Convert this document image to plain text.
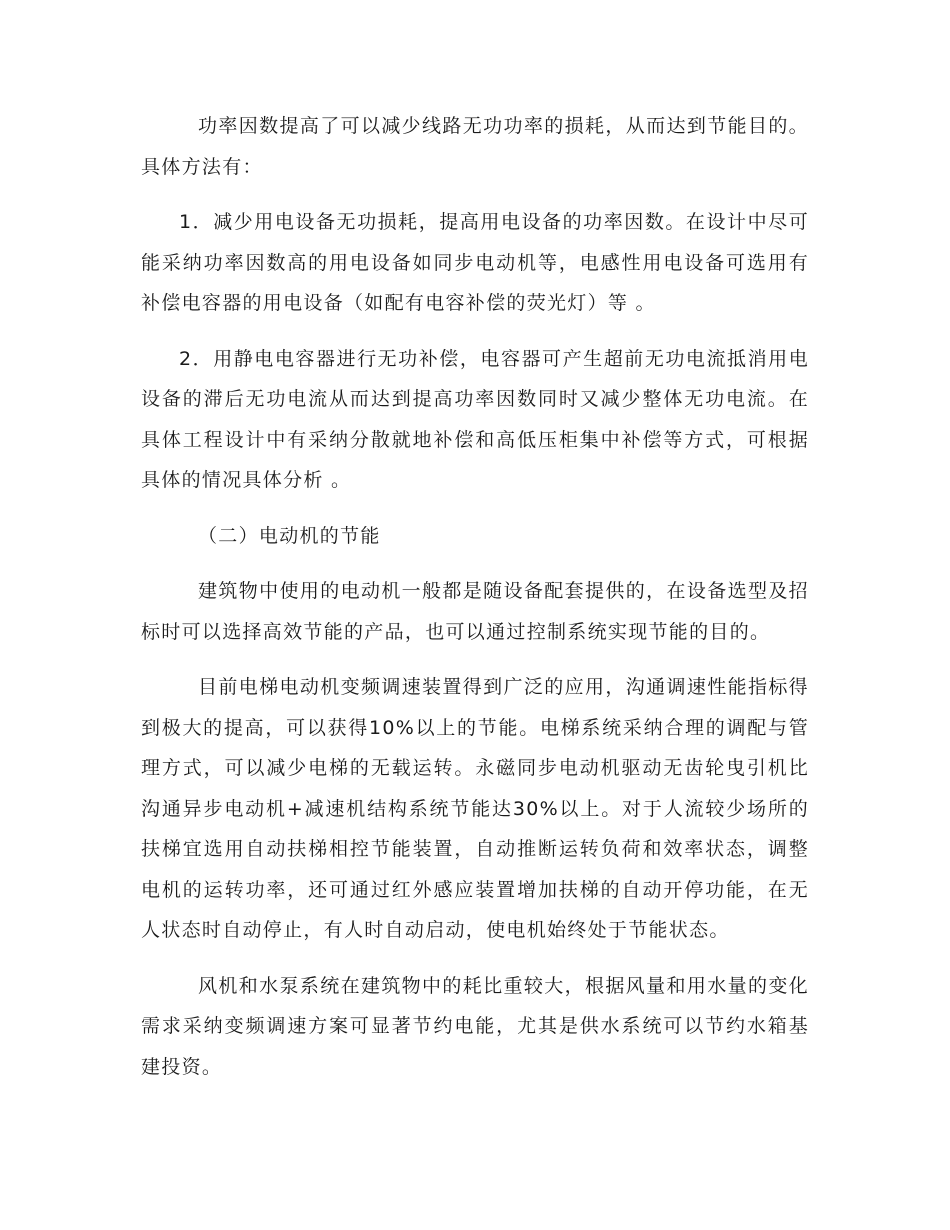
功率因数提高了可以减少线路无功功率的损耗，从而达到节能目的。具体方法有：

1．减少用电设备无功损耗，提高用电设备的功率因数。在设计中尽可能采纳功率因数高的用电设备如同步电动机等，电感性用电设备可选用有补偿电容器的用电设备（如配有电容补偿的荧光灯）等 。

2．用静电电容器进行无功补偿，电容器可产生超前无功电流抵消用电设备的滞后无功电流从而达到提高功率因数同时又减少整体无功电流。在具体工程设计中有采纳分散就地补偿和高低压柜集中补偿等方式，可根据具体的情况具体分析 。

（二）电动机的节能

建筑物中使用的电动机一般都是随设备配套提供的，在设备选型及招标时可以选择高效节能的产品，也可以通过控制系统实现节能的目的。

目前电梯电动机变频调速装置得到广泛的应用，沟通调速性能指标得到极大的提高，可以获得10%以上的节能。电梯系统采纳合理的调配与管理方式，可以减少电梯的无载运转。永磁同步电动机驱动无齿轮曳引机比沟通异步电动机+减速机结构系统节能达30%以上。对于人流较少场所的扶梯宜选用自动扶梯相控节能装置，自动推断运转负荷和效率状态，调整电机的运转功率，还可通过红外感应装置增加扶梯的自动开停功能，在无人状态时自动停止，有人时自动启动，使电机始终处于节能状态。

风机和水泵系统在建筑物中的耗比重较大，根据风量和用水量的变化需求采纳变频调速方案可显著节约电能，尤其是供水系统可以节约水箱基建投资。
